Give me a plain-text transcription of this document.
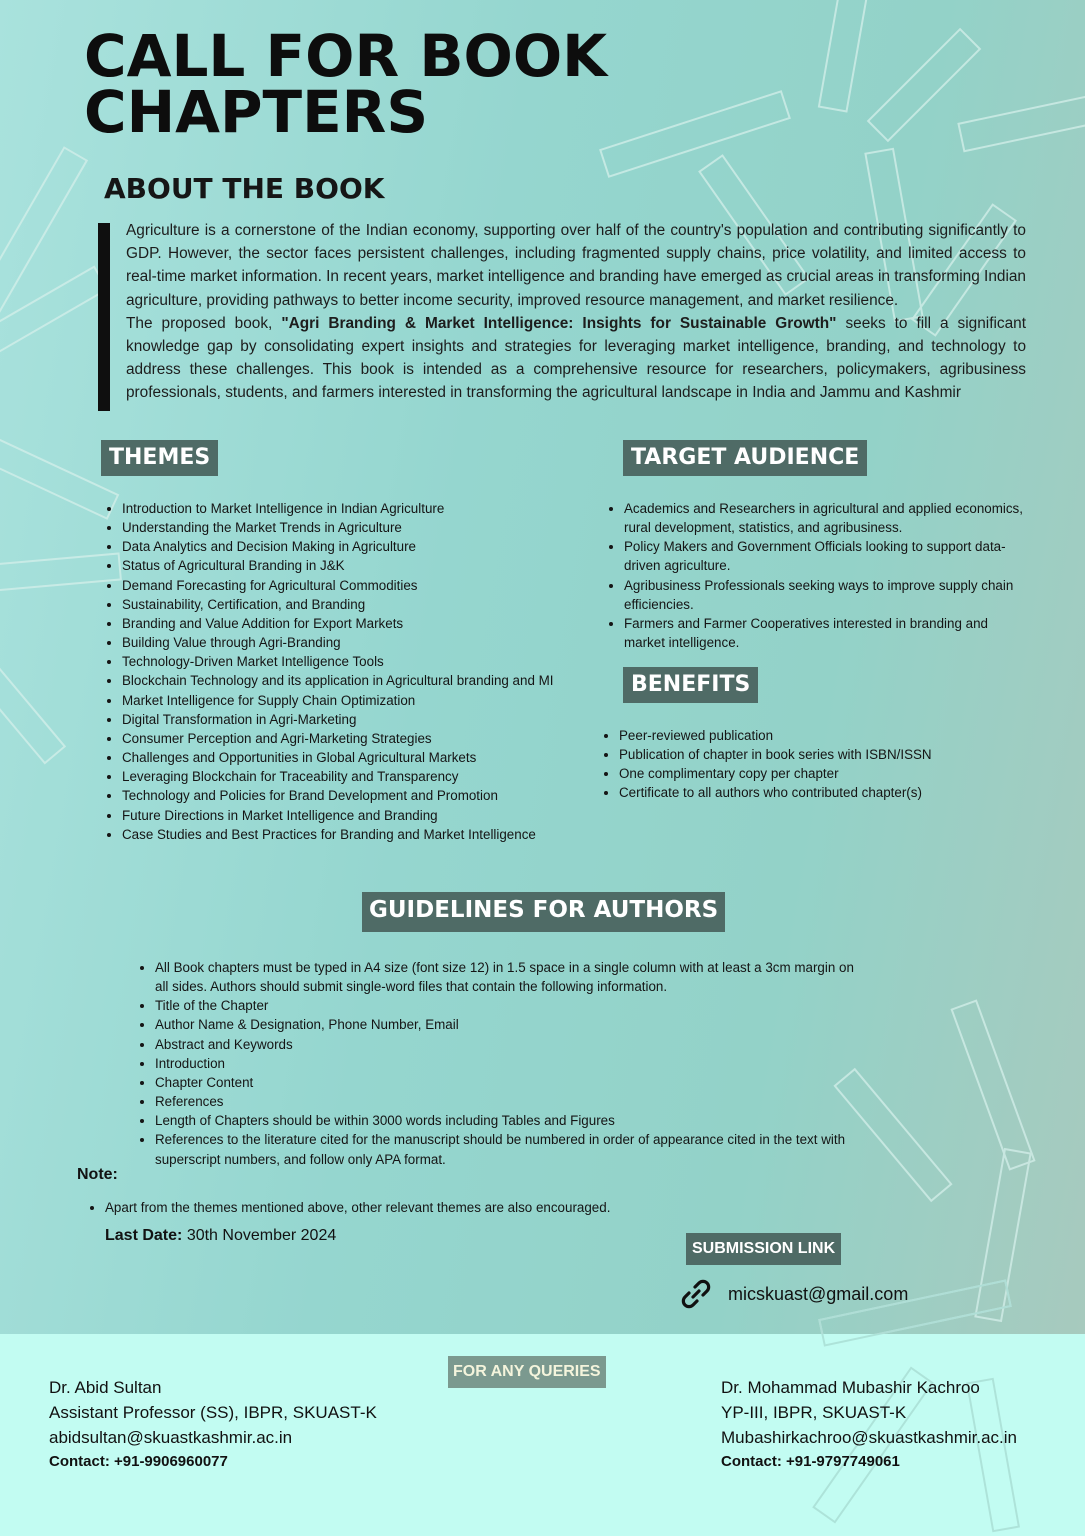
CALL FOR BOOK
CHAPTERS
ABOUT THE BOOK

Agriculture is a cornerstone of the Indian economy, supporting over half of the country's population and contributing significantly to GDP. However, the sector faces persistent challenges, including fragmented supply chains, price volatility, and limited access to real-time market information. In recent years, market intelligence and branding have emerged as crucial areas in transforming Indian agriculture, providing pathways to better income security, improved resource management, and market resilience.

The proposed book, "Agri Branding & Market Intelligence: Insights for Sustainable Growth" seeks to fill a significant knowledge gap by consolidating expert insights and strategies for leveraging market intelligence, branding, and technology to address these challenges. This book is intended as a comprehensive resource for researchers, policymakers, agribusiness professionals, students, and farmers interested in transforming the agricultural landscape in India and Jammu and Kashmir

THEMES
• Introduction to Market Intelligence in Indian Agriculture
• Understanding the Market Trends in Agriculture
• Data Analytics and Decision Making in Agriculture
• Status of Agricultural Branding in J&K
• Demand Forecasting for Agricultural Commodities
• Sustainability, Certification, and Branding
• Branding and Value Addition for Export Markets
• Building Value through Agri-Branding
• Technology-Driven Market Intelligence Tools
• Blockchain Technology and its application in Agricultural branding and MI
• Market Intelligence for Supply Chain Optimization
• Digital Transformation in Agri-Marketing
• Consumer Perception and Agri-Marketing Strategies
• Challenges and Opportunities in Global Agricultural Markets
• Leveraging Blockchain for Traceability and Transparency
• Technology and Policies for Brand Development and Promotion
• Future Directions in Market Intelligence and Branding
• Case Studies and Best Practices for Branding and Market Intelligence
TARGET AUDIENCE
• Academics and Researchers in agricultural and applied economics, rural development, statistics, and agribusiness.
• Policy Makers and Government Officials looking to support data-driven agriculture.
• Agribusiness Professionals seeking ways to improve supply chain efficiencies.
• Farmers and Farmer Cooperatives interested in branding and market intelligence.
BENEFITS
• Peer-reviewed publication
• Publication of chapter in book series with ISBN/ISSN
• One complimentary copy per chapter
• Certificate to all authors who contributed chapter(s)
GUIDELINES FOR AUTHORS
• All Book chapters must be typed in A4 size (font size 12) in 1.5 space in a single column with at least a 3cm margin on all sides. Authors should submit single-word files that contain the following information.
• Title of the Chapter
• Author Name & Designation, Phone Number, Email
• Abstract and Keywords
• Introduction
• Chapter Content
• References
• Length of Chapters should be within 3000 words including Tables and Figures
• References to the literature cited for the manuscript should be numbered in order of appearance cited in the text with superscript numbers, and follow only APA format.
Note:
• Apart from the themes mentioned above, other relevant themes are also encouraged.
Last Date: 30th November 2024
SUBMISSION LINK
micskuast@gmail.com
FOR ANY QUERIES
Dr. Abid Sultan
Assistant Professor (SS), IBPR, SKUAST-K
abidsultan@skuastkashmir.ac.in
Contact: +91-9906960077
Dr. Mohammad Mubashir Kachroo
YP-III, IBPR, SKUAST-K
Mubashirkachroo@skuastkashmir.ac.in
Contact: +91-9797749061
